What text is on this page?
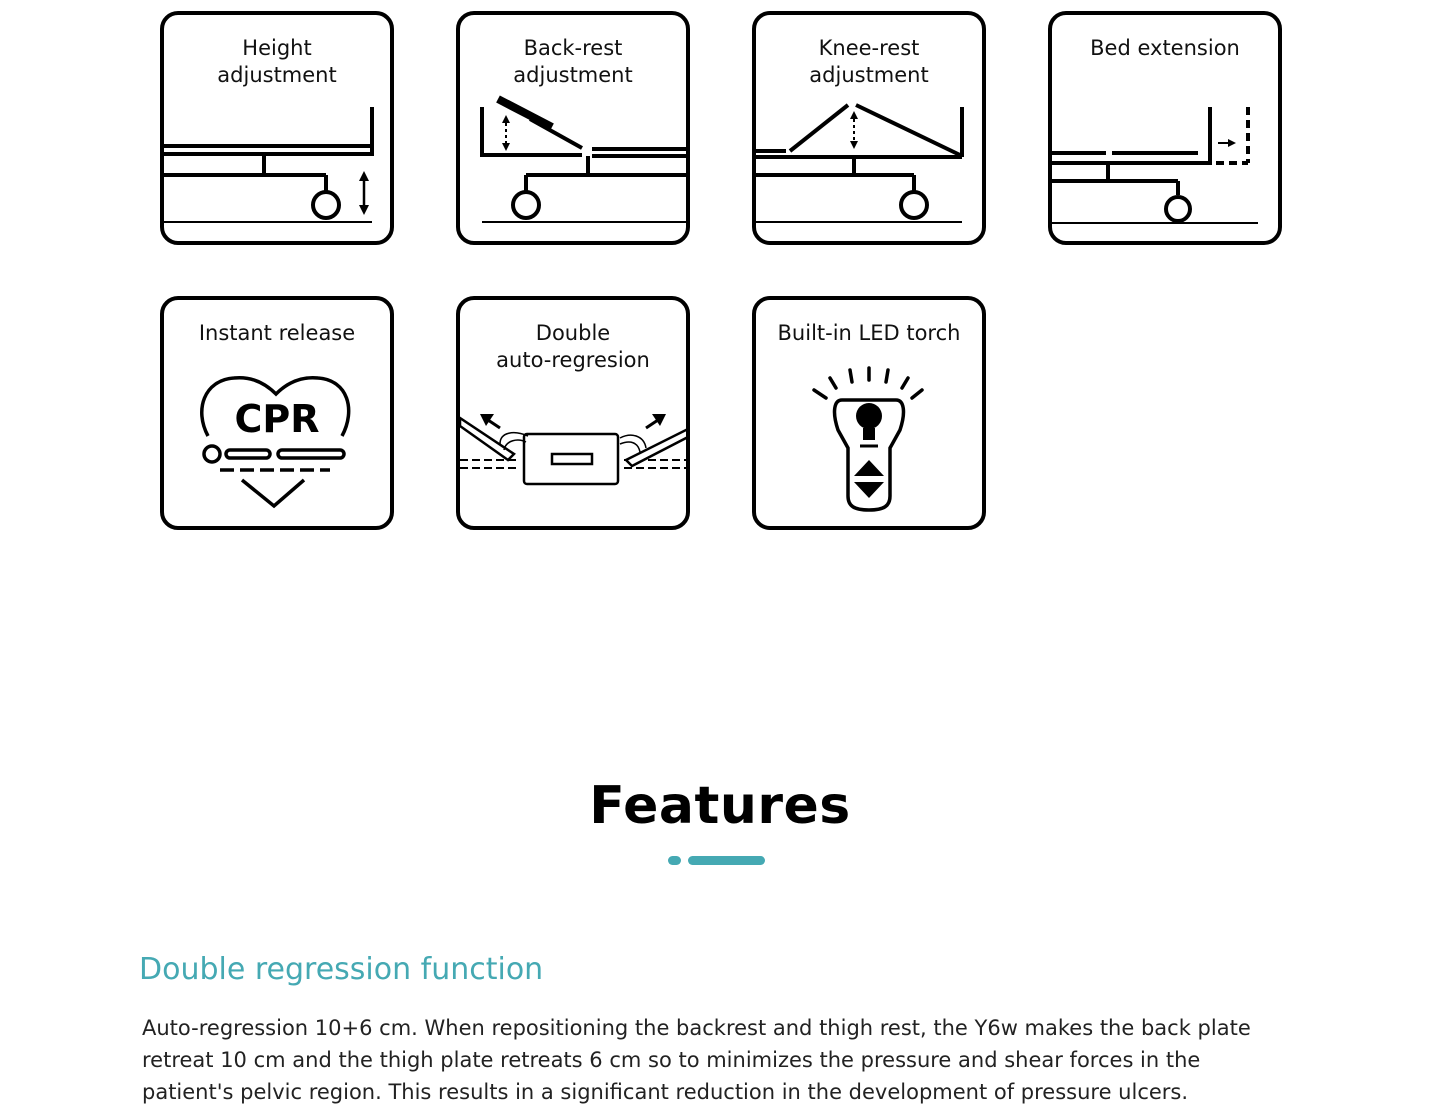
Height
adjustment
Back-rest
adjustment
Knee-rest
adjustment
Bed extension
CPR
Instant release	Double
auto-regresion
Built-in LED torch
Features
Double regression function

Auto-regression 10+6 cm. When repositioning the backrest and thigh rest, the Y6w makes the back plate retreat 10 cm and the thigh plate retreats 6 cm so to minimizes the pressure and shear forces in the patient's pelvic region. This results in a significant reduction in the development of pressure ulcers.
